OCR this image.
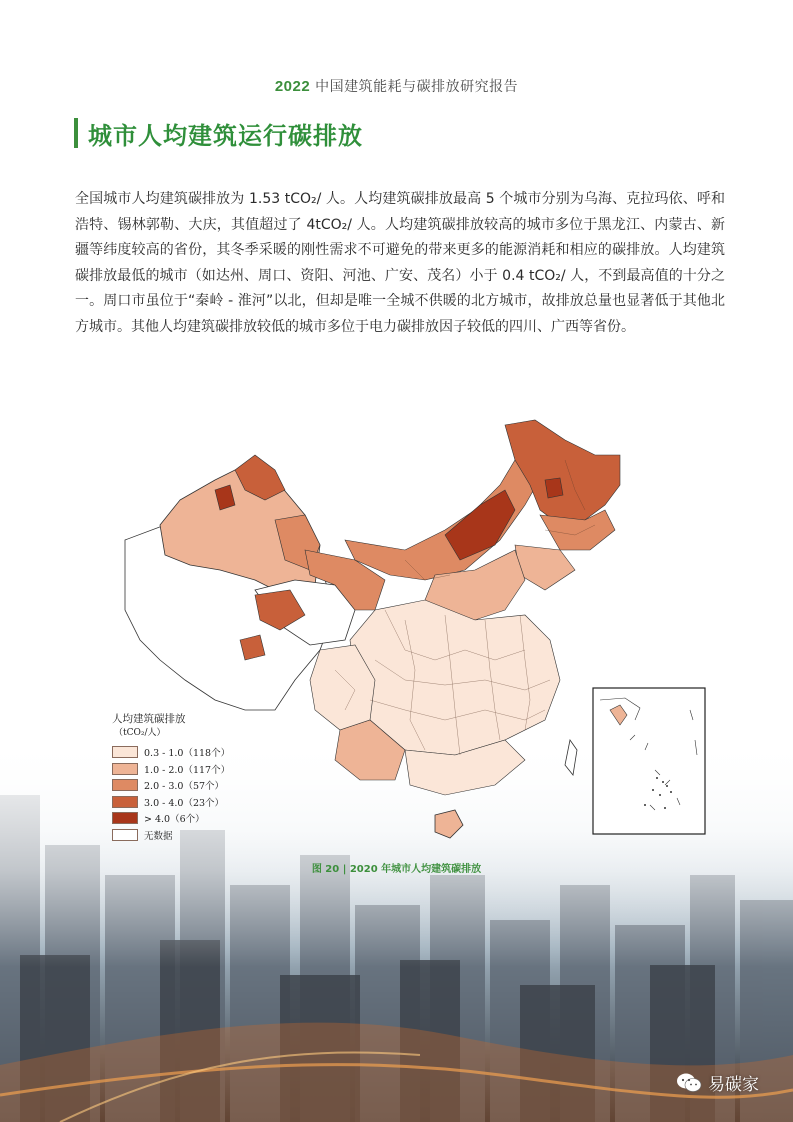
2022 中国建筑能耗与碳排放研究报告
城市人均建筑运行碳排放
全国城市人均建筑碳排放为 1.53 tCO₂/ 人。人均建筑碳排放最高 5 个城市分别为乌海、克拉玛依、呼和浩特、锡林郭勒、大庆，其值超过了 4tCO₂/ 人。人均建筑碳排放较高的城市多位于黑龙江、内蒙古、新疆等纬度较高的省份，其冬季采暖的刚性需求不可避免的带来更多的能源消耗和相应的碳排放。人均建筑碳排放最低的城市（如达州、周口、资阳、河池、广安、茂名）小于 0.4 tCO₂/ 人，不到最高值的十分之一。周口市虽位于“秦岭 - 淮河”以北，但却是唯一全城不供暖的北方城市，故排放总量也显著低于其他北方城市。其他人均建筑碳排放较低的城市多位于电力碳排放因子较低的四川、广西等省份。
人均建筑碳排放
（tCO₂/人）
0.3 - 1.0（118个）
1.0 - 2.0（117个）
2.0 - 3.0（57个）
3.0 - 4.0（23个）
> 4.0（6个）
无数据
图 20 | 2020 年城市人均建筑碳排放
易碳家
